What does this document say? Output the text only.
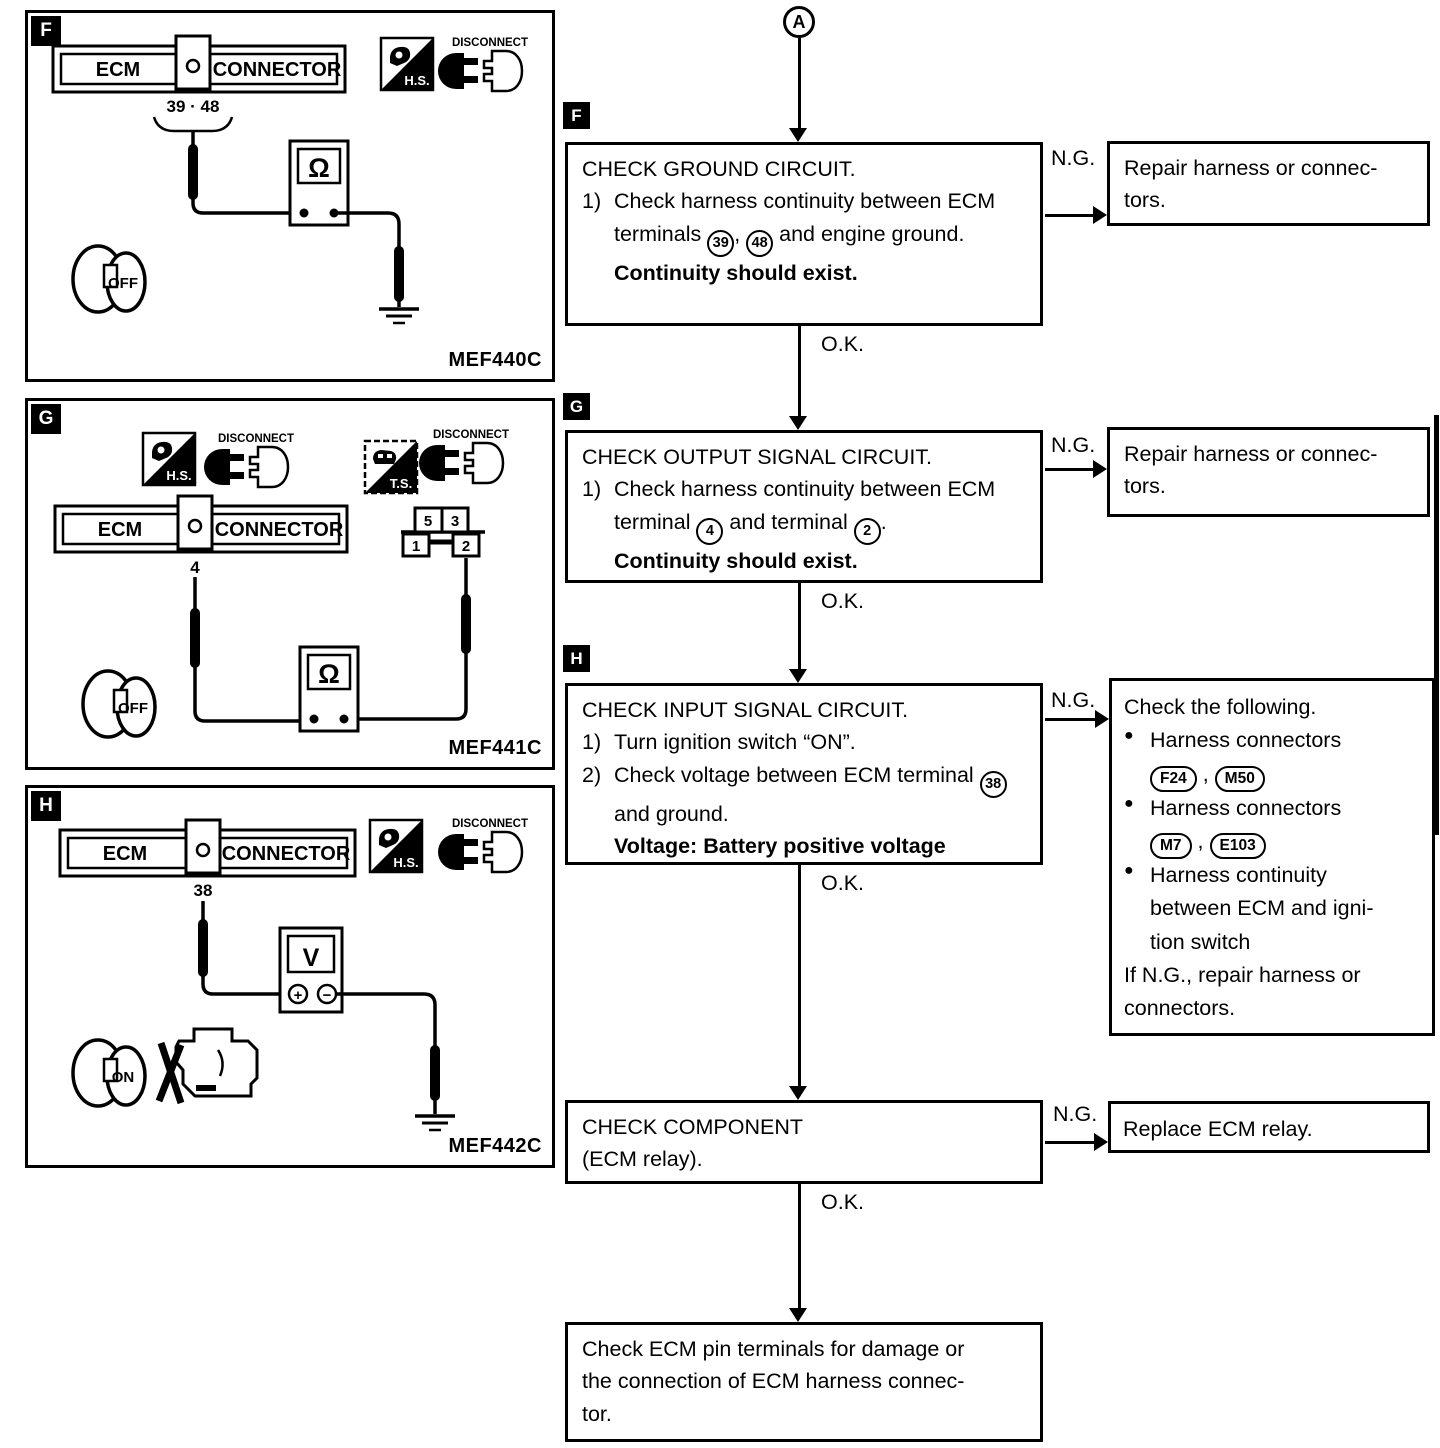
F
ECM	CONNECTOR
39 · 48
Ω
OFF
H.S.
DISCONNECT
MEF440C
G
H.S.
DISCONNECT
T.S.
DISCONNECT
ECM	CONNECTOR
4
5 3
1	2
Ω
OFF
MEF441C
H
ECM	CONNECTOR
38
H.S.
DISCONNECT
V
+ −
ON
MEF442C
A
F
CHECK GROUND CIRCUIT.
1) Check harness continuity between ECM terminals 39 , 48 and engine ground.
Continuity should exist.
N.G. Repair harness or connec-
tors.
O.K.
G
CHECK OUTPUT SIGNAL CIRCUIT.
1) Check harness continuity between ECM terminal 4 and terminal 2 .
Continuity should exist.
N.G. Repair harness or connec-
tors.
O.K.
H
CHECK INPUT SIGNAL CIRCUIT.
1) Turn ignition switch “ON”.
2) Check voltage between ECM terminal 38 and ground.
Voltage: Battery positive voltage
N.G. Check the following.
● Harness connectors
F24 , M50
● Harness connectors
M7 , E103
● Harness continuity
between ECM and igni-
tion switch
If N.G., repair harness or
connectors.
O.K.
CHECK COMPONENT
(ECM relay).
N.G.
Replace ECM relay.
O.K.
Check ECM pin terminals for damage or
the connection of ECM harness connec-
tor.
